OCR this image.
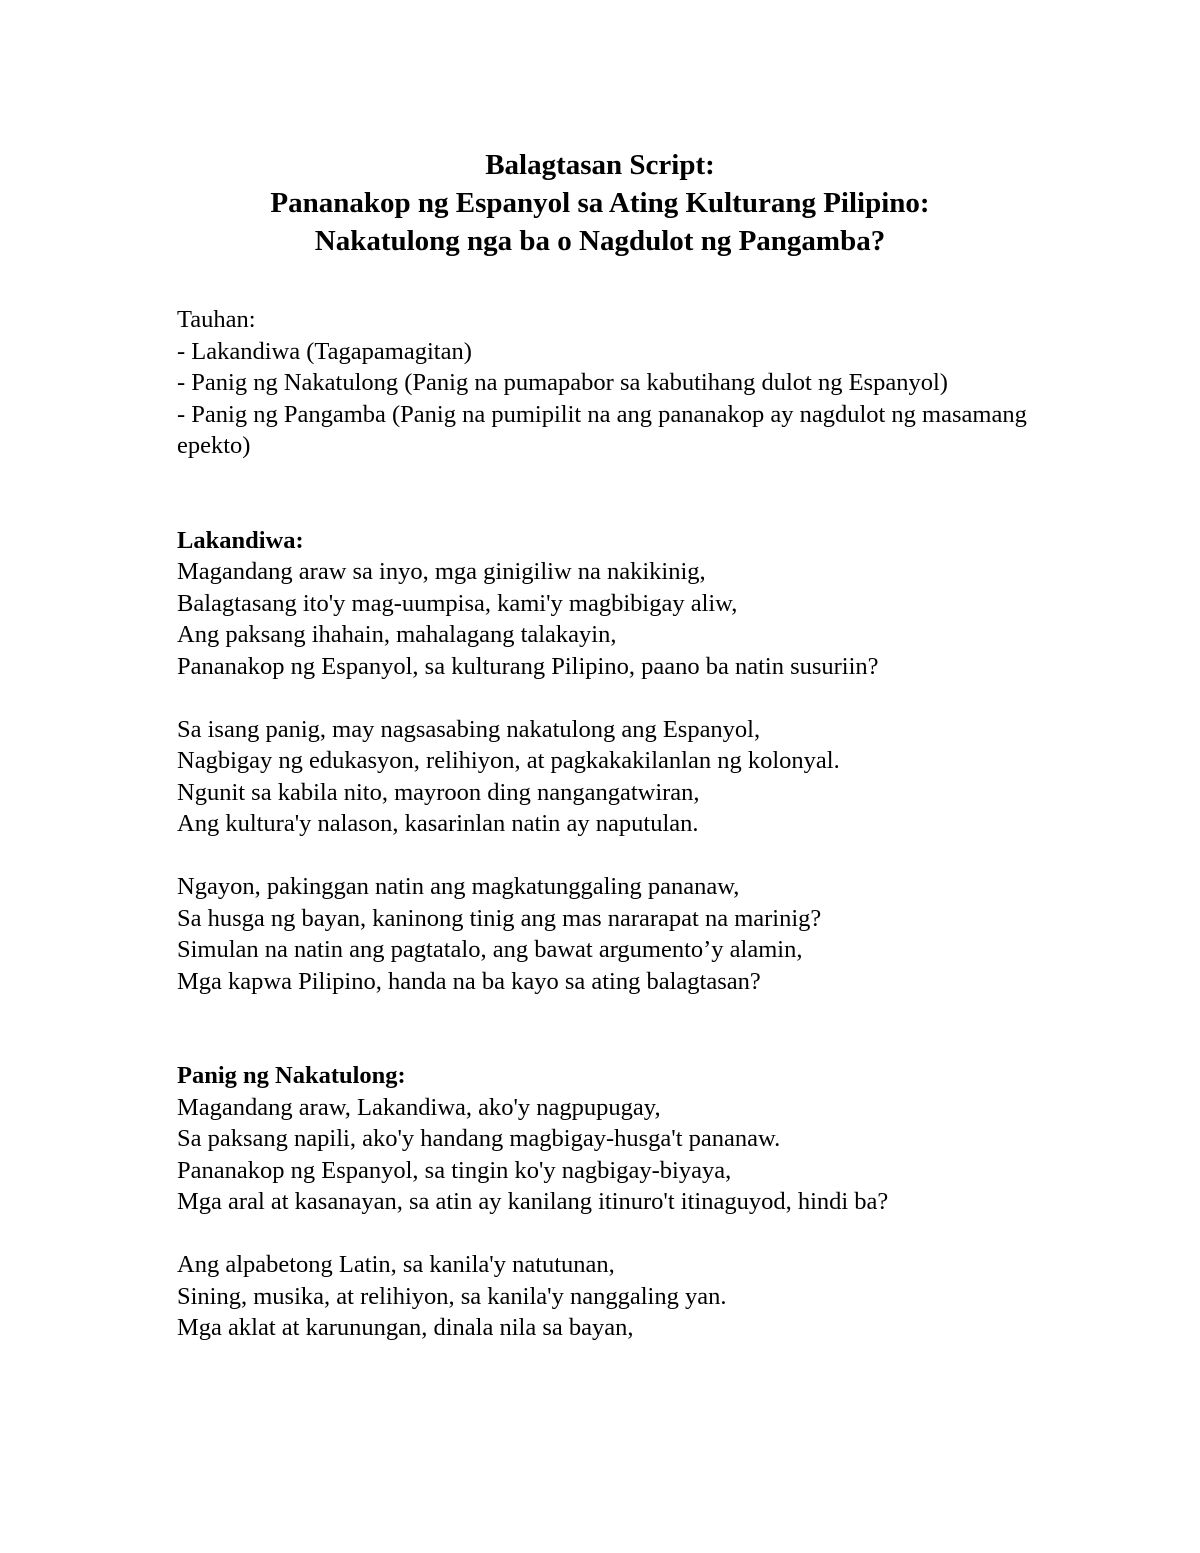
Balagtasan Script:
Pananakop ng Espanyol sa Ating Kulturang Pilipino:
Nakatulong nga ba o Nagdulot ng Pangamba?
Tauhan:
- Lakandiwa (Tagapamagitan)
- Panig ng Nakatulong (Panig na pumapabor sa kabutihang dulot ng Espanyol)
- Panig ng Pangamba (Panig na pumipilit na ang pananakop ay nagdulot ng masamang epekto)
Lakandiwa:
Magandang araw sa inyo, mga ginigiliw na nakikinig,
Balagtasang ito'y mag-uumpisa, kami'y magbibigay aliw,
Ang paksang ihahain, mahalagang talakayin,
Pananakop ng Espanyol, sa kulturang Pilipino, paano ba natin susuriin?
Sa isang panig, may nagsasabing nakatulong ang Espanyol,
Nagbigay ng edukasyon, relihiyon, at pagkakakilanlan ng kolonyal.
Ngunit sa kabila nito, mayroon ding nangangatwiran,
Ang kultura'y nalason, kasarinlan natin ay naputulan.
Ngayon, pakinggan natin ang magkatunggaling pananaw,
Sa husga ng bayan, kaninong tinig ang mas nararapat na marinig?
Simulan na natin ang pagtatalo, ang bawat argumento’y alamin,
Mga kapwa Pilipino, handa na ba kayo sa ating balagtasan?
Panig ng Nakatulong:
Magandang araw, Lakandiwa, ako'y nagpupugay,
Sa paksang napili, ako'y handang magbigay-husga't pananaw.
Pananakop ng Espanyol, sa tingin ko'y nagbigay-biyaya,
Mga aral at kasanayan, sa atin ay kanilang itinuro't itinaguyod, hindi ba?
Ang alpabetong Latin, sa kanila'y natutunan,
Sining, musika, at relihiyon, sa kanila'y nanggaling yan.
Mga aklat at karunungan, dinala nila sa bayan,
